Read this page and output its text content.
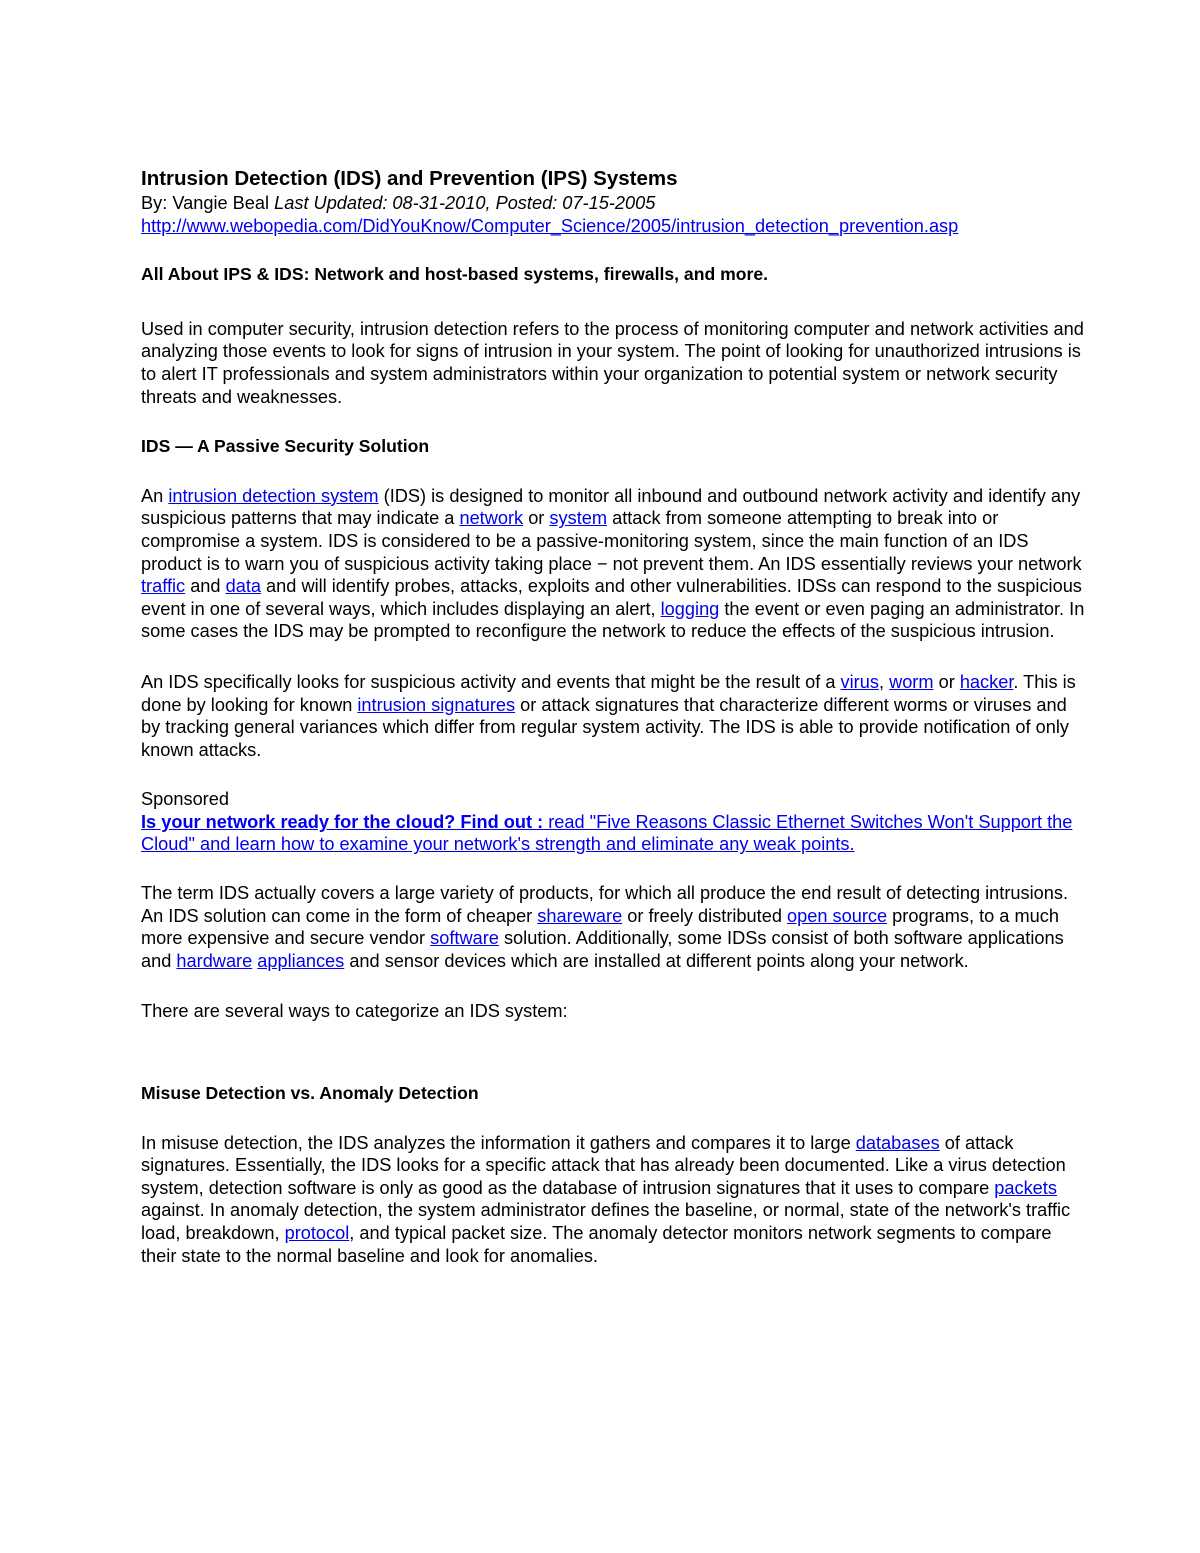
Intrusion Detection (IDS) and Prevention (IPS) Systems

By: Vangie Beal Last Updated: 08-31-2010, Posted: 07-15-2005

http://www.webopedia.com/DidYouKnow/Computer_Science/2005/intrusion_detection_prevention.asp

All About IPS & IDS: Network and host-based systems, firewalls, and more.

Used in computer security, intrusion detection refers to the process of monitoring computer and network activities and analyzing those events to look for signs of intrusion in your system. The point of looking for unauthorized intrusions is to alert IT professionals and system administrators within your organization to potential system or network security threats and weaknesses.

IDS — A Passive Security Solution

An intrusion detection system (IDS) is designed to monitor all inbound and outbound network activity and identify any suspicious patterns that may indicate a network or system attack from someone attempting to break into or compromise a system. IDS is considered to be a passive-monitoring system, since the main function of an IDS product is to warn you of suspicious activity taking place − not prevent them. An IDS essentially reviews your network traffic and data and will identify probes, attacks, exploits and other vulnerabilities. IDSs can respond to the suspicious event in one of several ways, which includes displaying an alert, logging the event or even paging an administrator. In some cases the IDS may be prompted to reconfigure the network to reduce the effects of the suspicious intrusion.

An IDS specifically looks for suspicious activity and events that might be the result of a virus, worm or hacker. This is done by looking for known intrusion signatures or attack signatures that characterize different worms or viruses and by tracking general variances which differ from regular system activity. The IDS is able to provide notification of only known attacks.

Sponsored

Is your network ready for the cloud? Find out : read "Five Reasons Classic Ethernet Switches Won't Support the Cloud" and learn how to examine your network's strength and eliminate any weak points.

The term IDS actually covers a large variety of products, for which all produce the end result of detecting intrusions. An IDS solution can come in the form of cheaper shareware or freely distributed open source programs, to a much more expensive and secure vendor software solution. Additionally, some IDSs consist of both software applications and hardware appliances and sensor devices which are installed at different points along your network.

There are several ways to categorize an IDS system:

Misuse Detection vs. Anomaly Detection

In misuse detection, the IDS analyzes the information it gathers and compares it to large databases of attack signatures. Essentially, the IDS looks for a specific attack that has already been documented. Like a virus detection system, detection software is only as good as the database of intrusion signatures that it uses to compare packets against. In anomaly detection, the system administrator defines the baseline, or normal, state of the network's traffic load, breakdown, protocol, and typical packet size. The anomaly detector monitors network segments to compare their state to the normal baseline and look for anomalies.
